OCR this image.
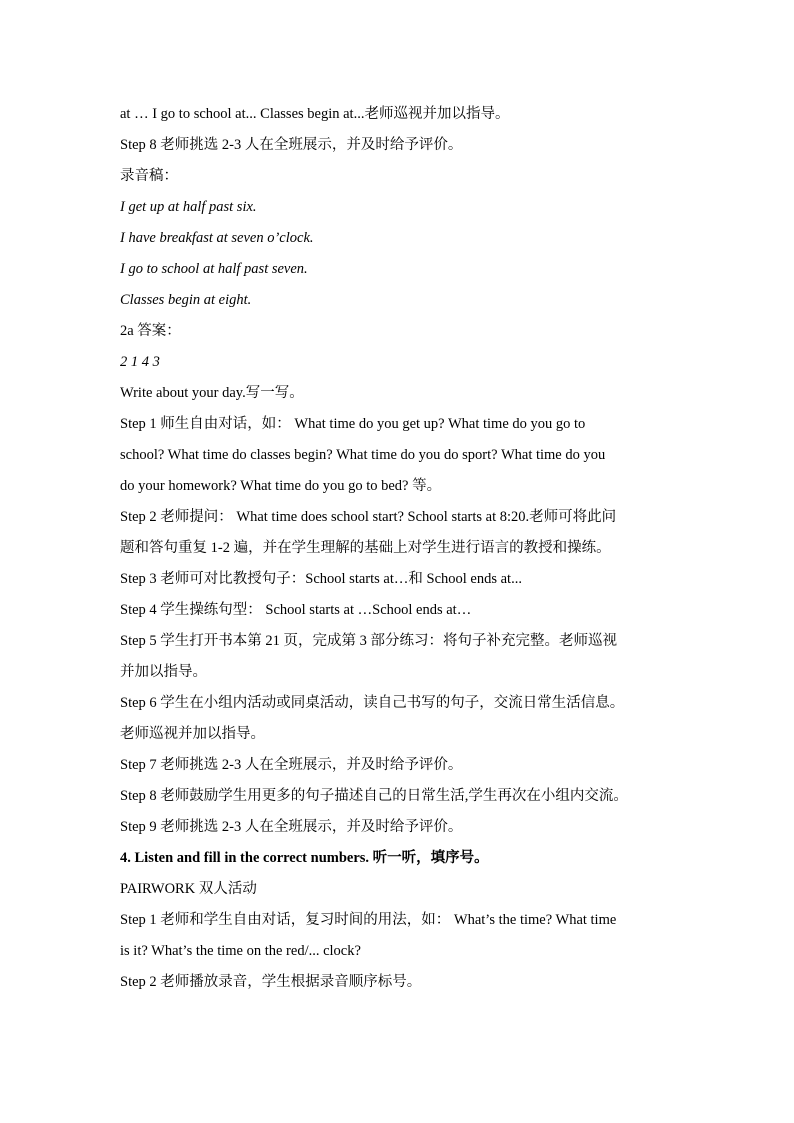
at … I go to school at... Classes begin at...老师巡视并加以指导。
Step 8 老师挑选 2-3 人在全班展示，并及时给予评价。
录音稿：
I get up at half past six.
I have breakfast at seven o’clock.
I go to school at half past seven.
Classes begin at eight.
2a 答案：
2 1 4 3
Write about your day.写一写。
Step 1 师生自由对话，如： What time do you get up? What time do you go to
school? What time do classes begin? What time do you do sport? What time do you
do your homework? What time do you go to bed? 等。
Step 2 老师提问： What time does school start? School starts at 8:20.老师可将此问
题和答句重复 1-2 遍，并在学生理解的基础上对学生进行语言的教授和操练。
Step 3 老师可对比教授句子：School starts at…和 School ends at...
Step 4 学生操练句型： School starts at …School ends at…
Step 5 学生打开书本第 21 页，完成第 3 部分练习：将句子补充完整。老师巡视
并加以指导。
Step 6 学生在小组内活动或同桌活动，读自己书写的句子，交流日常生活信息。
老师巡视并加以指导。
Step 7 老师挑选 2-3 人在全班展示，并及时给予评价。
Step 8 老师鼓励学生用更多的句子描述自己的日常生活,学生再次在小组内交流。
Step 9 老师挑选 2-3 人在全班展示，并及时给予评价。
4. Listen and fill in the correct numbers. 听一听，填序号。
PAIRWORK 双人活动
Step 1 老师和学生自由对话，复习时间的用法，如： What’s the time? What time
is it? What’s the time on the red/... clock?
Step 2 老师播放录音，学生根据录音顺序标号。
